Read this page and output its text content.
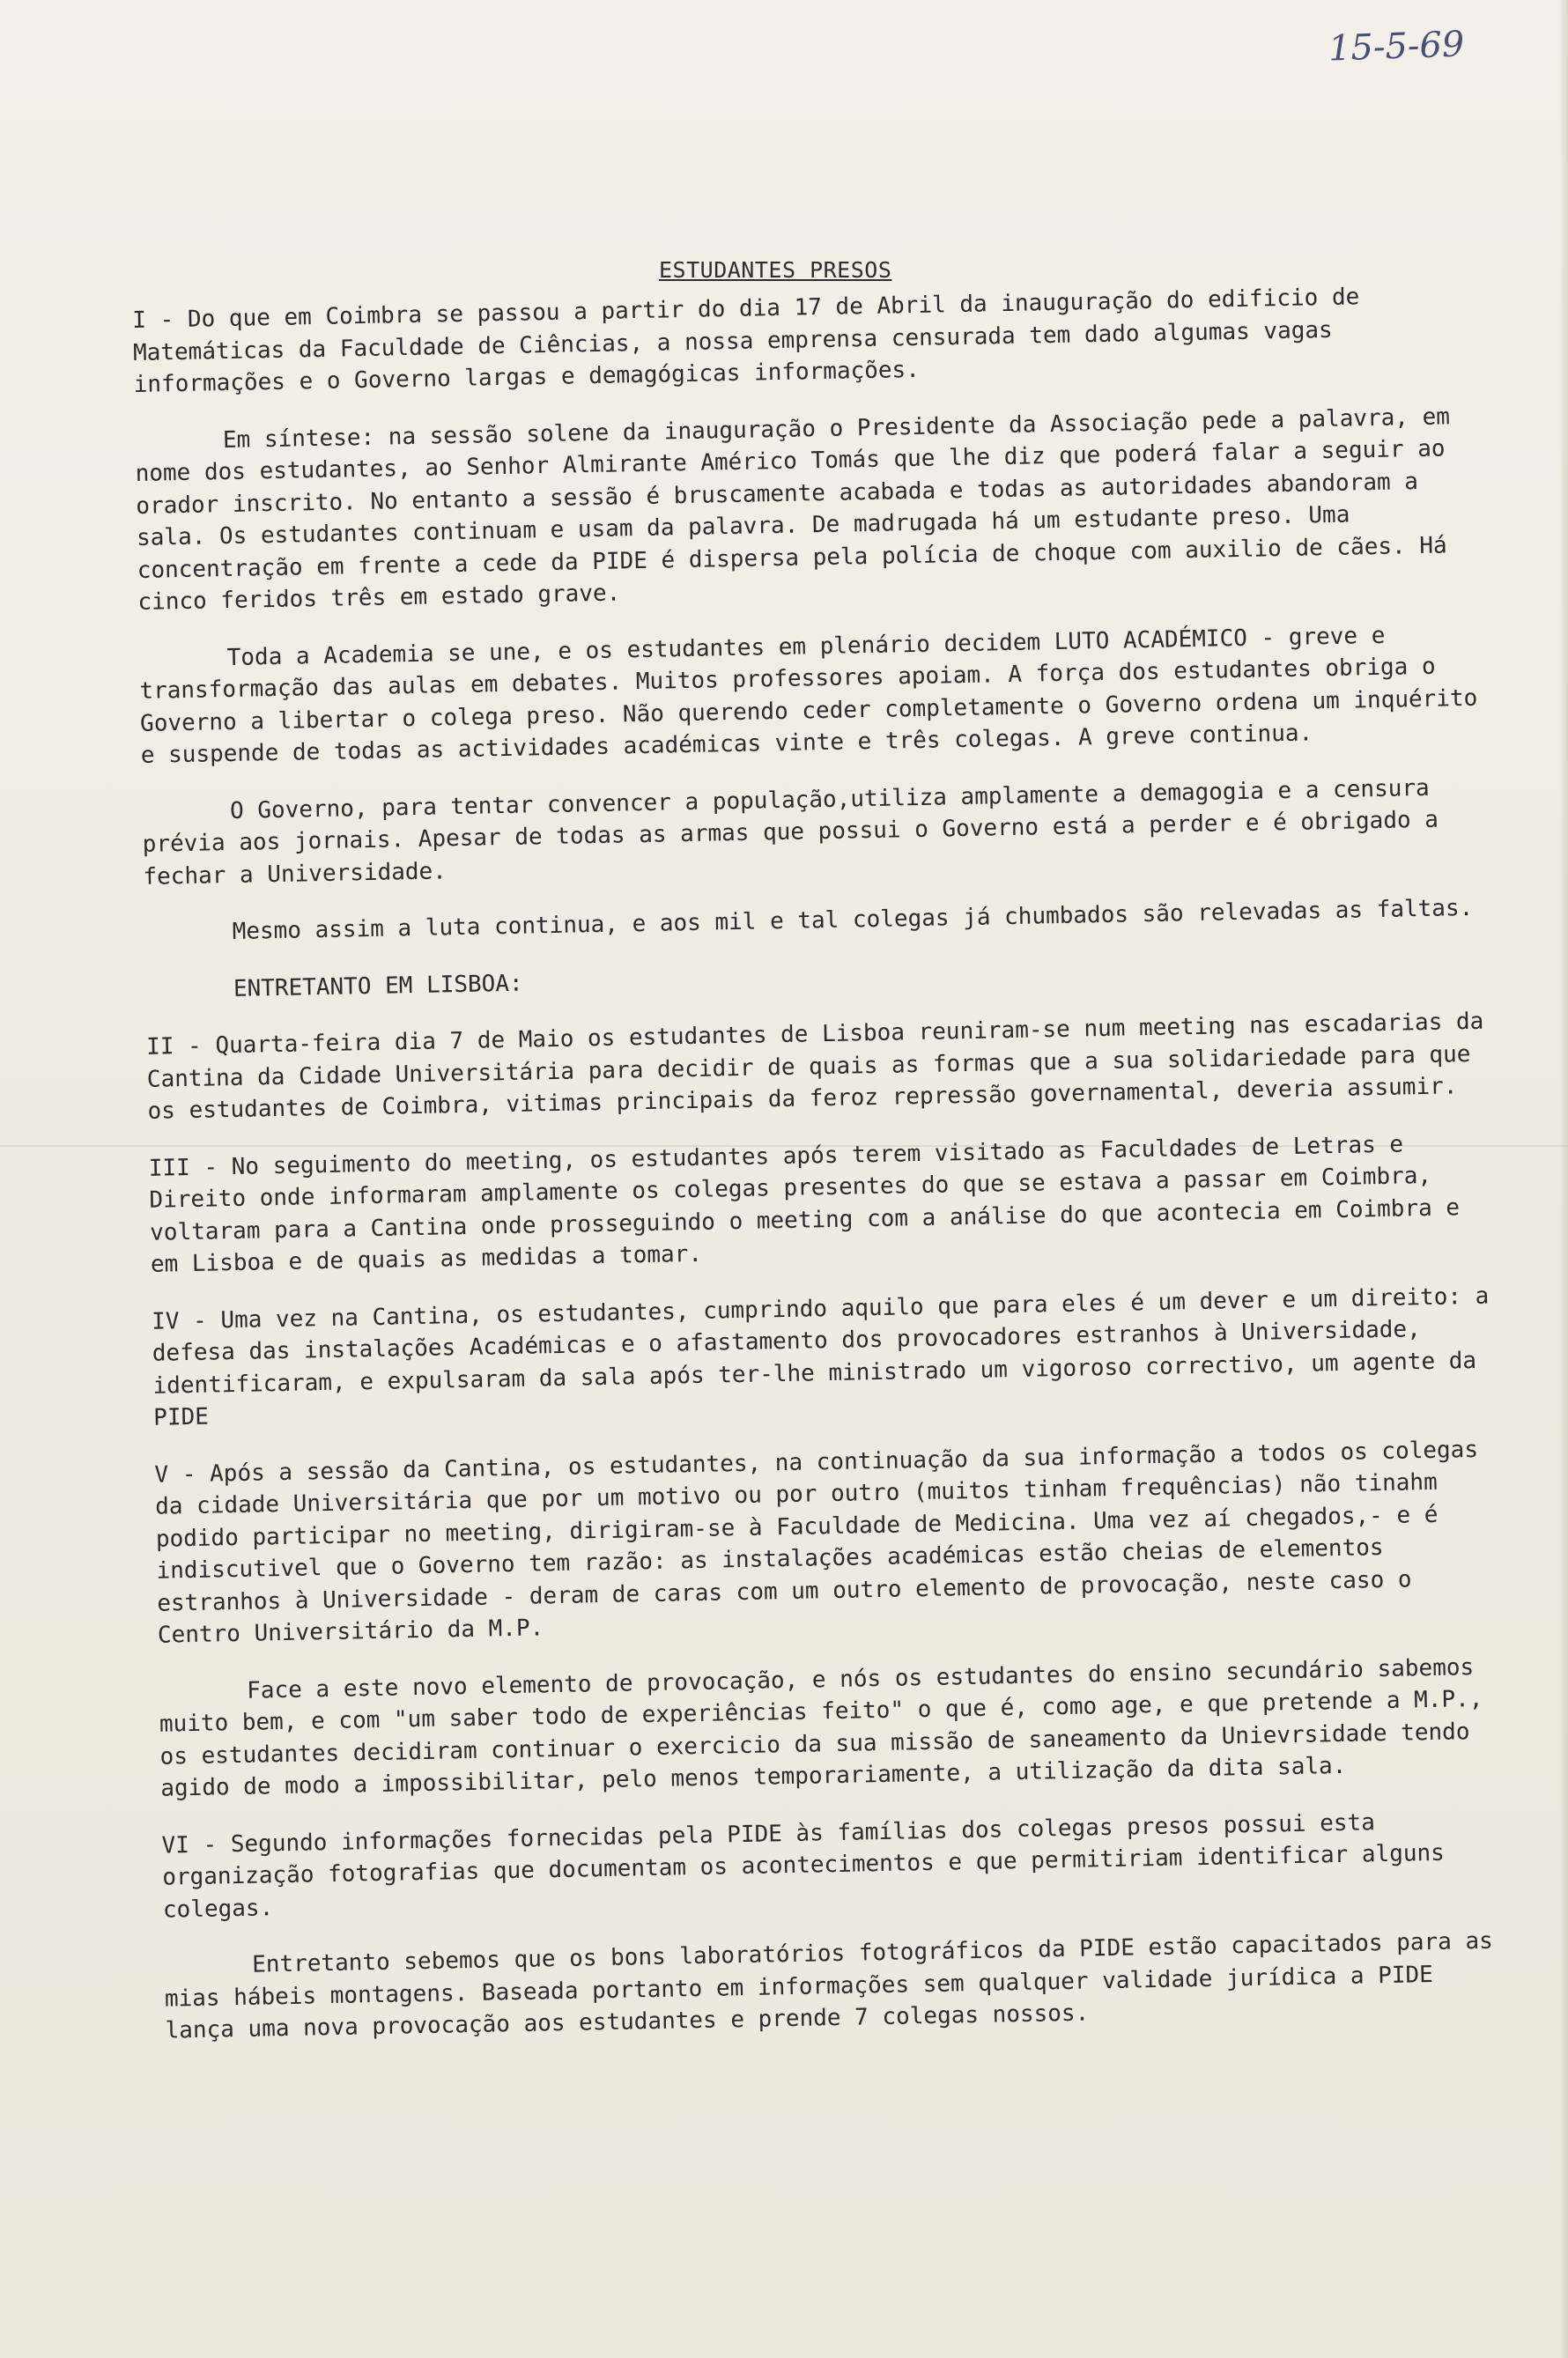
15-5-69
ESTUDANTES PRESOS

I - Do que em Coimbra se passou a partir do dia 17 de Abril da inauguração do edificio de Matemáticas da Faculdade de Ciências, a nossa emprensa censurada tem dado algumas vagas informações e o Governo largas e demagógicas informações.

Em síntese: na sessão solene da inauguração o Presidente da Associação pede a palavra, em nome dos estudantes, ao Senhor Almirante Américo Tomás que lhe diz que poderá falar a seguir ao orador inscrito. No entanto a sessão é bruscamente acabada e todas as autoridades abandoram a sala. Os estudantes continuam e usam da palavra. De madrugada há um estudante preso. Uma concentração em frente a cede da PIDE é dispersa pela polícia de choque com auxilio de cães. Há cinco feridos três em estado grave.

Toda a Academia se une, e os estudantes em plenário decidem LUTO ACADÉMICO - greve e transformação das aulas em debates. Muitos professores apoiam. A força dos estudantes obriga o Governo a libertar o colega preso. Não querendo ceder completamente o Governo ordena um inquérito e suspende de todas as actividades académicas vinte e três colegas. A greve continua.

O Governo, para tentar convencer a população,utiliza amplamente a demagogia e a censura prévia aos jornais. Apesar de todas as armas que possui o Governo está a perder e é obrigado a fechar a Universidade.

Mesmo assim a luta continua, e aos mil e tal colegas já chumbados são relevadas as faltas.

ENTRETANTO EM LISBOA:

II - Quarta-feira dia 7 de Maio os estudantes de Lisboa reuniram-se num meeting nas escadarias da Cantina da Cidade Universitária para decidir de quais as formas que a sua solidariedade para que os estudantes de Coimbra, vitimas principais da feroz repressão governamental, deveria assumir.

III - No seguimento do meeting, os estudantes após terem visitado as Faculdades de Letras e Direito onde informaram amplamente os colegas presentes do que se estava a passar em Coimbra, voltaram para a Cantina onde prosseguindo o meeting com a análise do que acontecia em Coimbra e em Lisboa e de quais as medidas a tomar.

IV - Uma vez na Cantina, os estudantes, cumprindo aquilo que para eles é um dever e um direito: a defesa das instalações Académicas e o afastamento dos provocadores estranhos à Universidade, identificaram, e expulsaram da sala após ter-lhe ministrado um vigoroso correctivo, um agente da PIDE

V - Após a sessão da Cantina, os estudantes, na continuação da sua informação a todos os colegas da cidade Universitária que por um motivo ou por outro (muitos tinham frequências) não tinahm podido participar no meeting, dirigiram-se à Faculdade de Medicina. Uma vez aí chegados,- e é indiscutivel que o Governo tem razão: as instalações académicas estão cheias de elementos estranhos à Universidade - deram de caras com um outro elemento de provocação, neste caso o Centro Universitário da M.P.

Face a este novo elemento de provocação, e nós os estudantes do ensino secundário sabemos muito bem, e com "um saber todo de experiências feito" o que é, como age, e que pretende a M.P., os estudantes decidiram continuar o exercicio da sua missão de saneamento da Unievrsidade tendo agido de modo a impossibilitar, pelo menos temporariamente, a utilização da dita sala.

VI - Segundo informações fornecidas pela PIDE às famílias dos colegas presos possui esta organização fotografias que documentam os acontecimentos e que permitiriam identificar alguns colegas.

Entretanto sebemos que os bons laboratórios fotográficos da PIDE estão capacitados para as mias hábeis montagens. Baseada portanto em informações sem qualquer validade jurídica a PIDE lança uma nova provocação aos estudantes e prende 7 colegas nossos.
